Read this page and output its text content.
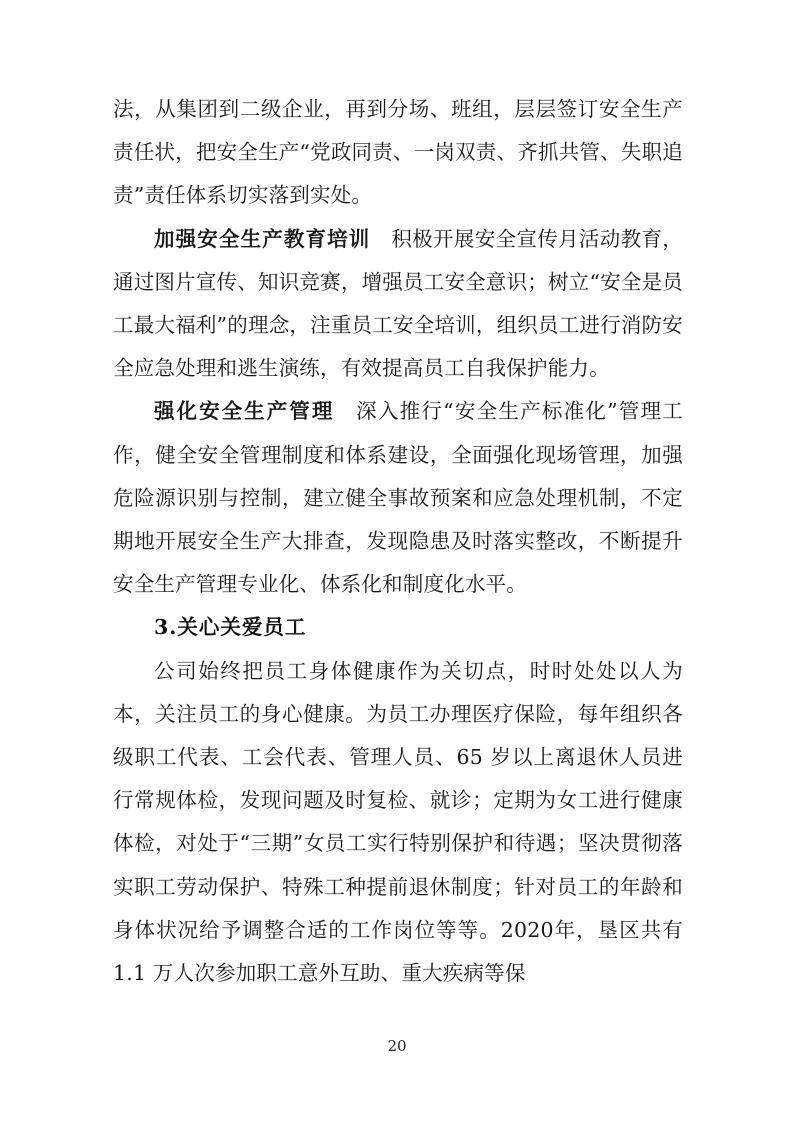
法，从集团到二级企业，再到分场、班组，层层签订安全生产责任状，把安全生产“党政同责、一岗双责、齐抓共管、失职追责”责任体系切实落到实处。

加强安全生产教育培训　 积极开展安全宣传月活动教育，通过图片宣传、知识竞赛，增强员工安全意识；树立“安全是员工最大福利”的理念，注重员工安全培训，组织员工进行消防安全应急处理和逃生演练，有效提高员工自我保护能力。

强化安全生产管理　 深入推行“安全生产标准化”管理工作，健全安全管理制度和体系建设，全面强化现场管理，加强危险源识别与控制，建立健全事故预案和应急处理机制，不定期地开展安全生产大排查，发现隐患及时落实整改，不断提升安全生产管理专业化、体系化和制度化水平。

3.关心关爱员工

公司始终把员工身体健康作为关切点，时时处处以人为本，关注员工的身心健康。为员工办理医疗保险，每年组织各级职工代表、工会代表、管理人员、65 岁以上离退休人员进行常规体检，发现问题及时复检、就诊；定期为女工进行健康体检，对处于“三期”女员工实行特别保护和待遇；坚决贯彻落实职工劳动保护、特殊工种提前退休制度；针对员工的年龄和身体状况给予调整合适的工作岗位等等。2020年，垦区共有 1.1 万人次参加职工意外互助、重大疾病等保

20
